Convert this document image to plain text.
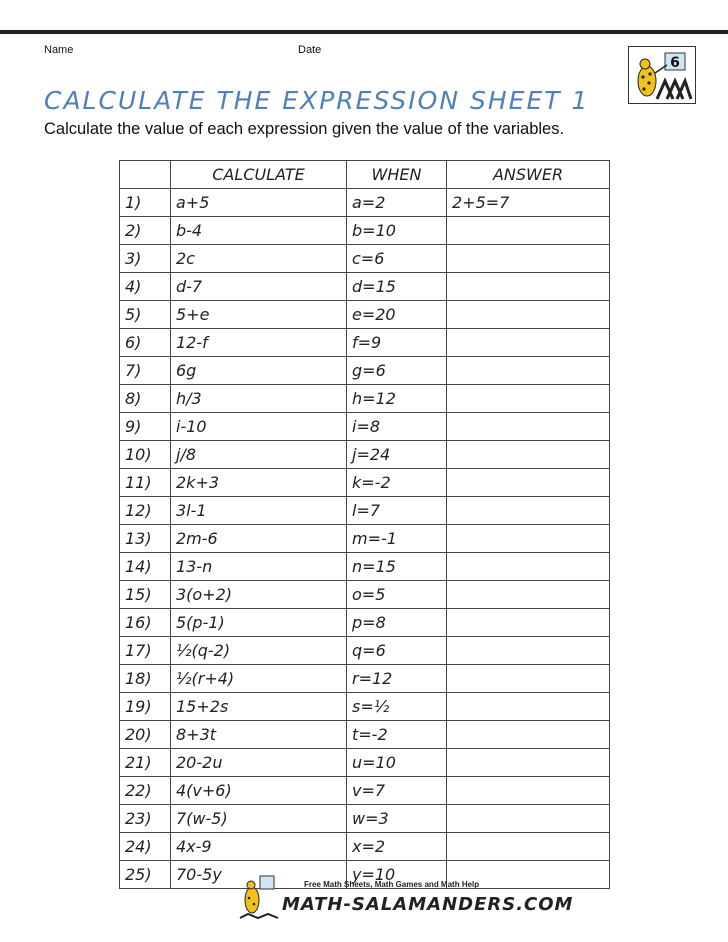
Name	Date
6
CALCULATE THE EXPRESSION SHEET 1
Calculate the value of each expression given the value of the variables.
	CALCULATE	WHEN	ANSWER
1)	a+5	a=2	2+5=7
2)	b-4	b=10	
3)	2c	c=6	
4)	d-7	d=15	
5)	5+e	e=20	
6)	12-f	f=9	
7)	6g	g=6	
8)	h/3	h=12	
9)	i-10	i=8	
10)	j/8	j=24	
11)	2k+3	k=-2	
12)	3l-1	l=7	
13)	2m-6	m=-1	
14)	13-n	n=15	
15)	3(o+2)	o=5	
16)	5(p-1)	p=8	
17)	½(q-2)	q=6	
18)	½(r+4)	r=12	
19)	15+2s	s=½	
20)	8+3t	t=-2	
21)	20-2u	u=10	
22)	4(v+6)	v=7	
23)	7(w-5)	w=3	
24)	4x-9	x=2	
25)	70-5y	y=10	
Free Math Sheets, Math Games and Math Help
MATH-SALAMANDERS.COM
